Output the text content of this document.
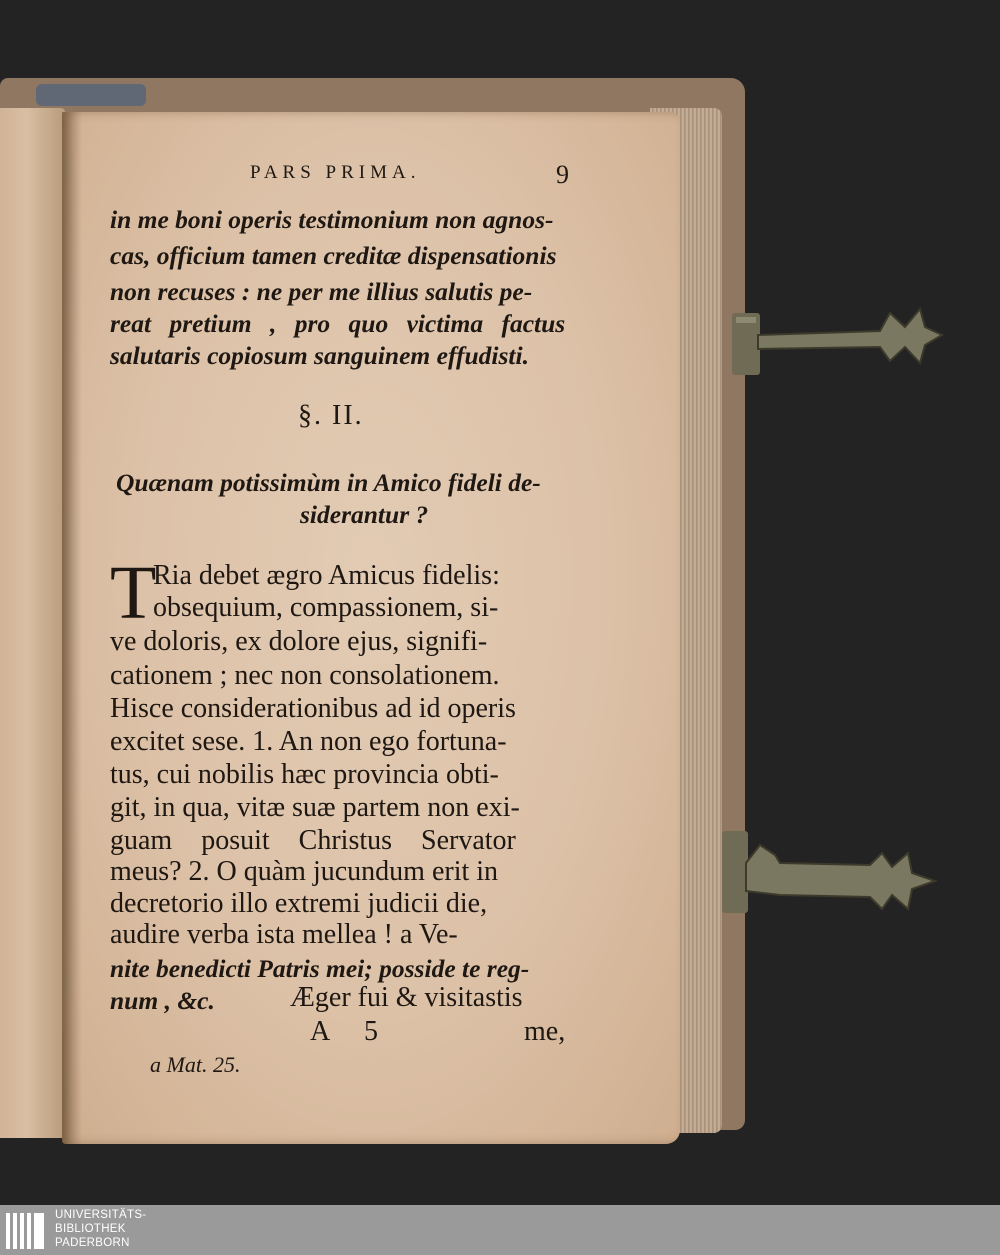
PARS PRIMA.	9
in me boni operis testimonium non agnos-
cas, officium tamen creditæ dispensationis
non recuses : ne per me illius salutis pe-
reat pretium , pro quo victima factus
salutaris copiosum sanguinem effudisti.
§. II.
Quænam potissimùm in Amico fideli de-
siderantur ?
T
Ria debet ægro Amicus fidelis:
obsequium, compassionem, si-
ve doloris, ex dolore ejus, signifi-
cationem ; nec non consolationem.
Hisce considerationibus ad id operis
excitet sese. 1. An non ego fortuna-
tus, cui nobilis hæc provincia obti-
git, in qua, vitæ suæ partem non exi-
guam posuit Christus Servator
meus? 2. O quàm jucundum erit in
decretorio illo extremi judicii die,
audire verba ista mellea ! a Ve-
nite benedicti Patris mei; posside te reg-
num , &c.	Æger fui & visitastis
A 5	me,
a Mat. 25.
UNIVERSITÄTS-
BIBLIOTHEK
PADERBORN
